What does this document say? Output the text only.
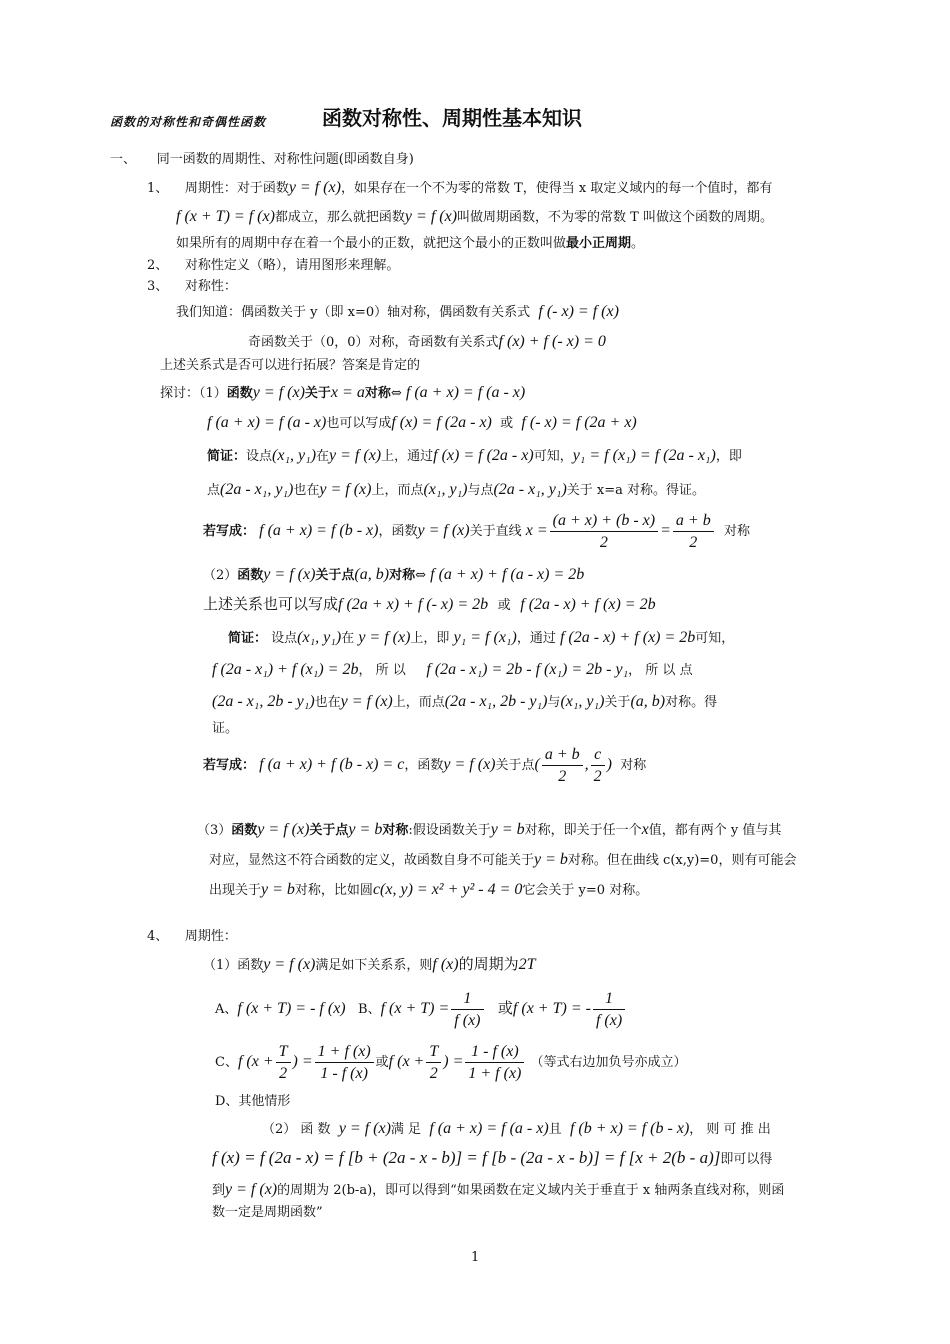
函数的对称性和奇偶性函数	函数对称性、周期性基本知识
一、 同一函数的周期性、对称性问题(即函数自身)
1、 周期性：对于函数y = f (x)，如果存在一个不为零的常数 T，使得当 x 取定义域内的每一个值时，都有
f (x + T) = f (x)都成立，那么就把函数y = f (x)叫做周期函数，不为零的常数 T 叫做这个函数的周期。
如果所有的周期中存在着一个最小的正数，就把这个最小的正数叫做最小正周期。
2、 对称性定义（略），请用图形来理解。
3、 对称性：
我们知道：偶函数关于 y（即 x=0）轴对称，偶函数有关系式 f (- x) = f (x)
奇函数关于（0，0）对称，奇函数有关系式f (x) + f (- x) = 0
上述关系式是否可以进行拓展？答案是肯定的
探讨：（1）函数y = f (x)关于x = a对称⇔ f (a + x) = f (a - x)
f (a + x) = f (a - x)也可以写成f (x) = f (2a - x) 或 f (- x) = f (2a + x)
简证：设点(x₁, y₁)在y = f (x)上，通过f (x) = f (2a - x)可知，y₁ = f (x₁) = f (2a - x₁)，即
点(2a - x₁, y₁)也在y = f (x)上，而点(x₁, y₁)与点(2a - x₁, y₁)关于 x=a 对称。得证。
若写成： f (a + x) = f (b - x)，函数y = f (x)关于直线 $x = \frac{(a + x) + (b - x)}{2} = \frac{a + b}{2}$ 对称
（2）函数y = f (x)关于点(a, b)对称⇔ f (a + x) + f (a - x) = 2b
上述关系也可以写成f (2a + x) + f (- x) = 2b 或 f (2a - x) + f (x) = 2b
简证： 设点(x₁, y₁)在 y = f (x)上，即 y₁ = f (x₁)，通过 f (2a - x) + f (x) = 2b可知，
f (2a - x₁) + f (x₁) = 2b， 所 以 f (2a - x₁) = 2b - f (x₁) = 2b - y₁， 所 以 点
(2a - x₁, 2b - y₁)也在y = f (x)上，而点(2a - x₁, 2b - y₁)与(x₁, y₁)关于(a, b)对称。得
证。
若写成： f (a + x) + f (b - x) = c，函数y = f (x)关于点( $\frac{a + b}{2}$ , $\frac{c}{2}$ ) 对称
（3）函数y = f (x)关于点y = b对称:假设函数关于y = b对称，即关于任一个x值，都有两个 y 值与其
对应，显然这不符合函数的定义，故函数自身不可能关于y = b对称。但在曲线 c(x,y)=0，则有可能会
出现关于y = b对称，比如圆c(x, y) = x² + y² - 4 = 0它会关于 y=0 对称。
4、 周期性：
（1）函数y = f (x)满足如下关系系，则f (x)的周期为2T
A、f (x + T) = - f (x) B、f $(x + T) = \frac{1}{f (x)}$ 或f (x + T) = - $\frac{1}{f (x)}$
C、f ($x + \frac{T}{2}$ ) = $\frac{1 + f (x)}{1 - f (x)}$ 或f ($x + \frac{T}{2}$ ) = $\frac{1 - f (x)}{1 + f (x)}$ （等式右边加负号亦成立）
D、其他情形
（2） 函 数 y = f (x)满 足 f (a + x) = f (a - x)且 f (b + x) = f (b - x)， 则 可 推 出
f (x) = f (2a - x) = f [b + (2a - x - b)] = f [b - (2a - x - b)] = f [x + 2(b - a)]即可以得
到y = f (x)的周期为 2(b-a)，即可以得到“如果函数在定义域内关于垂直于 x 轴两条直线对称，则函
数一定是周期函数”
1
